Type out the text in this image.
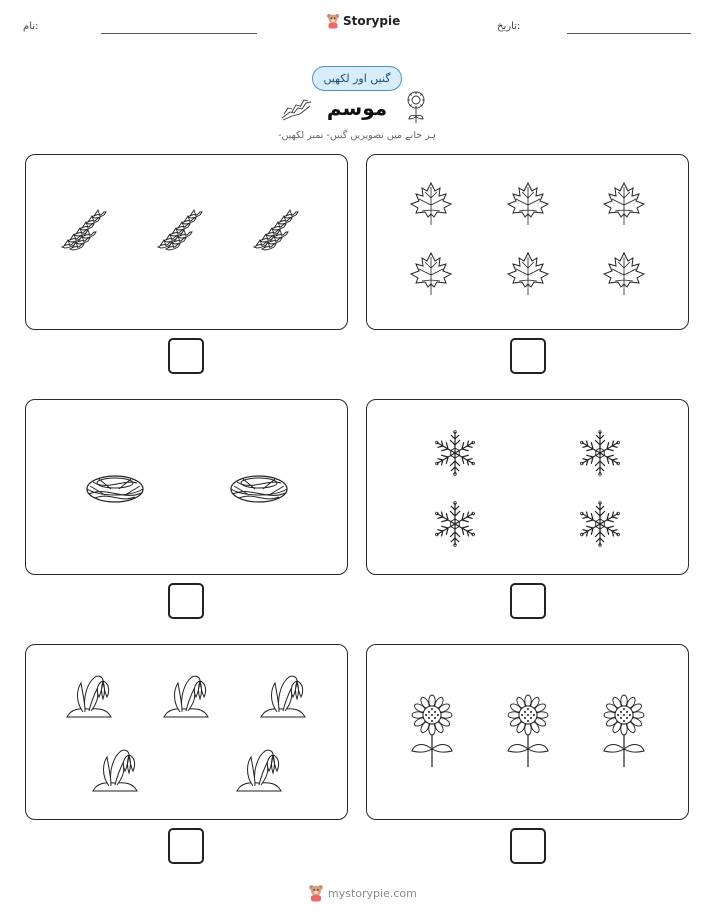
تاریخ:
Storypie
نام:
گنیں اور لکھیں
موسم
ہر خانے میں تصویریں گنیں- نمبر لکھیں-
mystorypie.com
